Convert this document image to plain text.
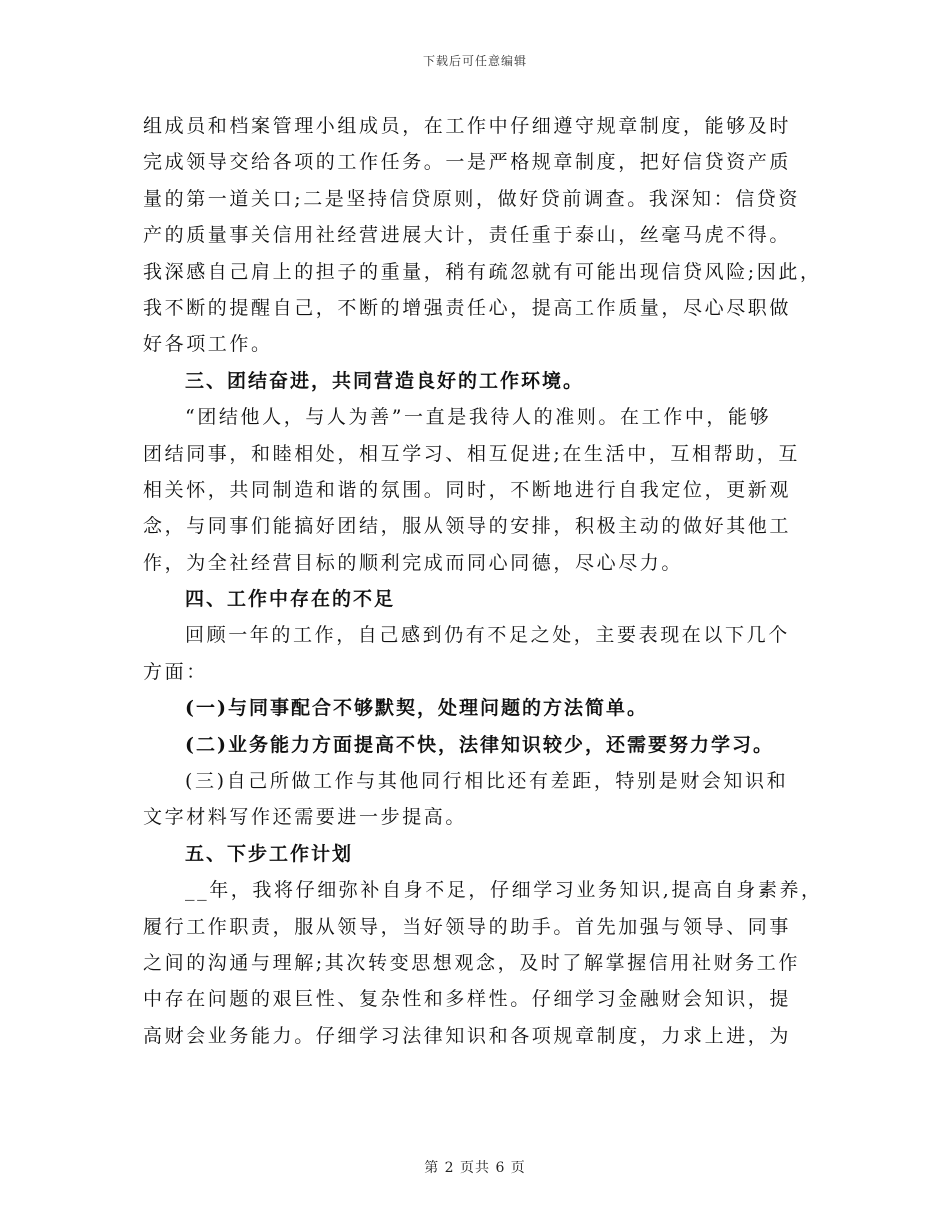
下载后可任意编辑
组成员和档案管理小组成员，在工作中仔细遵守规章制度，能够及时
完成领导交给各项的工作任务。一是严格规章制度，把好信贷资产质
量的第一道关口;二是坚持信贷原则，做好贷前调查。我深知：信贷资
产的质量事关信用社经营进展大计，责任重于泰山，丝毫马虎不得。
我深感自己肩上的担子的重量，稍有疏忽就有可能出现信贷风险;因此，
我不断的提醒自己，不断的增强责任心，提高工作质量，尽心尽职做
好各项工作。
三、团结奋进，共同营造良好的工作环境。
“团结他人，与人为善”一直是我待人的准则。在工作中，能够
团结同事，和睦相处，相互学习、相互促进;在生活中，互相帮助，互
相关怀，共同制造和谐的氛围。同时，不断地进行自我定位，更新观
念，与同事们能搞好团结，服从领导的安排，积极主动的做好其他工
作，为全社经营目标的顺利完成而同心同德，尽心尽力。
四、工作中存在的不足
回顾一年的工作，自己感到仍有不足之处，主要表现在以下几个
方面：
(一)与同事配合不够默契，处理问题的方法简单。
(二)业务能力方面提高不快，法律知识较少，还需要努力学习。
(三)自己所做工作与其他同行相比还有差距，特别是财会知识和
文字材料写作还需要进一步提高。
五、下步工作计划
__年，我将仔细弥补自身不足，仔细学习业务知识,提高自身素养，
履行工作职责，服从领导，当好领导的助手。首先加强与领导、同事
之间的沟通与理解;其次转变思想观念，及时了解掌握信用社财务工作
中存在问题的艰巨性、复杂性和多样性。仔细学习金融财会知识，提
高财会业务能力。仔细学习法律知识和各项规章制度，力求上进，为
第 2 页共 6 页
